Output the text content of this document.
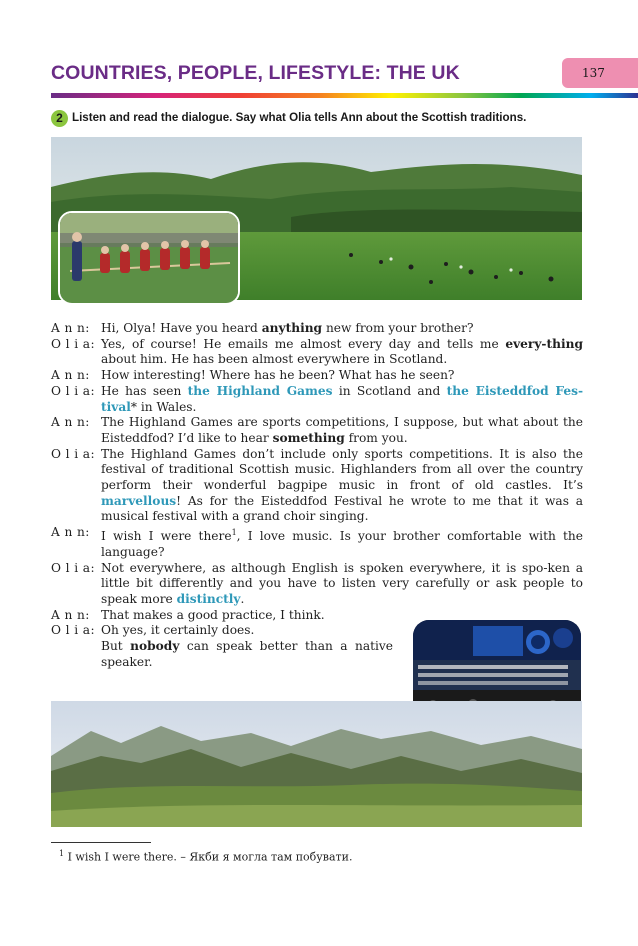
COUNTRIES, PEOPLE, LIFESTYLE: THE UK	137
2 Listen and read the dialogue. Say what Olia tells Ann about the Scottish traditions.
A n n: Hi, Olya! Have you heard anything new from your brother?
O l i a: Yes, of course! He emails me almost every day and tells me every-thing about him. He has been almost everywhere in Scotland.
A n n: How interesting! Where has he been? What has he seen?
O l i a: He has seen the Highland Games in Scotland and the Eisteddfod Fes-tival* in Wales.
A n n: The Highland Games are sports competitions, I suppose, but what about the Eisteddfod? I’d like to hear something from you.
O l i a: The Highland Games don’t include only sports competitions. It is also the festival of traditional Scottish music. Highlanders from all over the country perform their wonderful bagpipe music in front of old castles. It’s marvellous! As for the Eisteddfod Festival he wrote to me that it was a musical festival with a grand choir singing.
A n n: I wish I were there$^1$, I love music. Is your brother comfortable with the language?
O l i a: Not everywhere, as although English is spoken everywhere, it is spo-ken a little bit differently and you have to listen very carefully or ask people to speak more distinctly.
A n n: That makes a good practice, I think.
O l i a: Oh yes, it certainly does.
But nobody can speak better than a native speaker.
$^1$ I wish I were there. – Якби я могла там побувати.
